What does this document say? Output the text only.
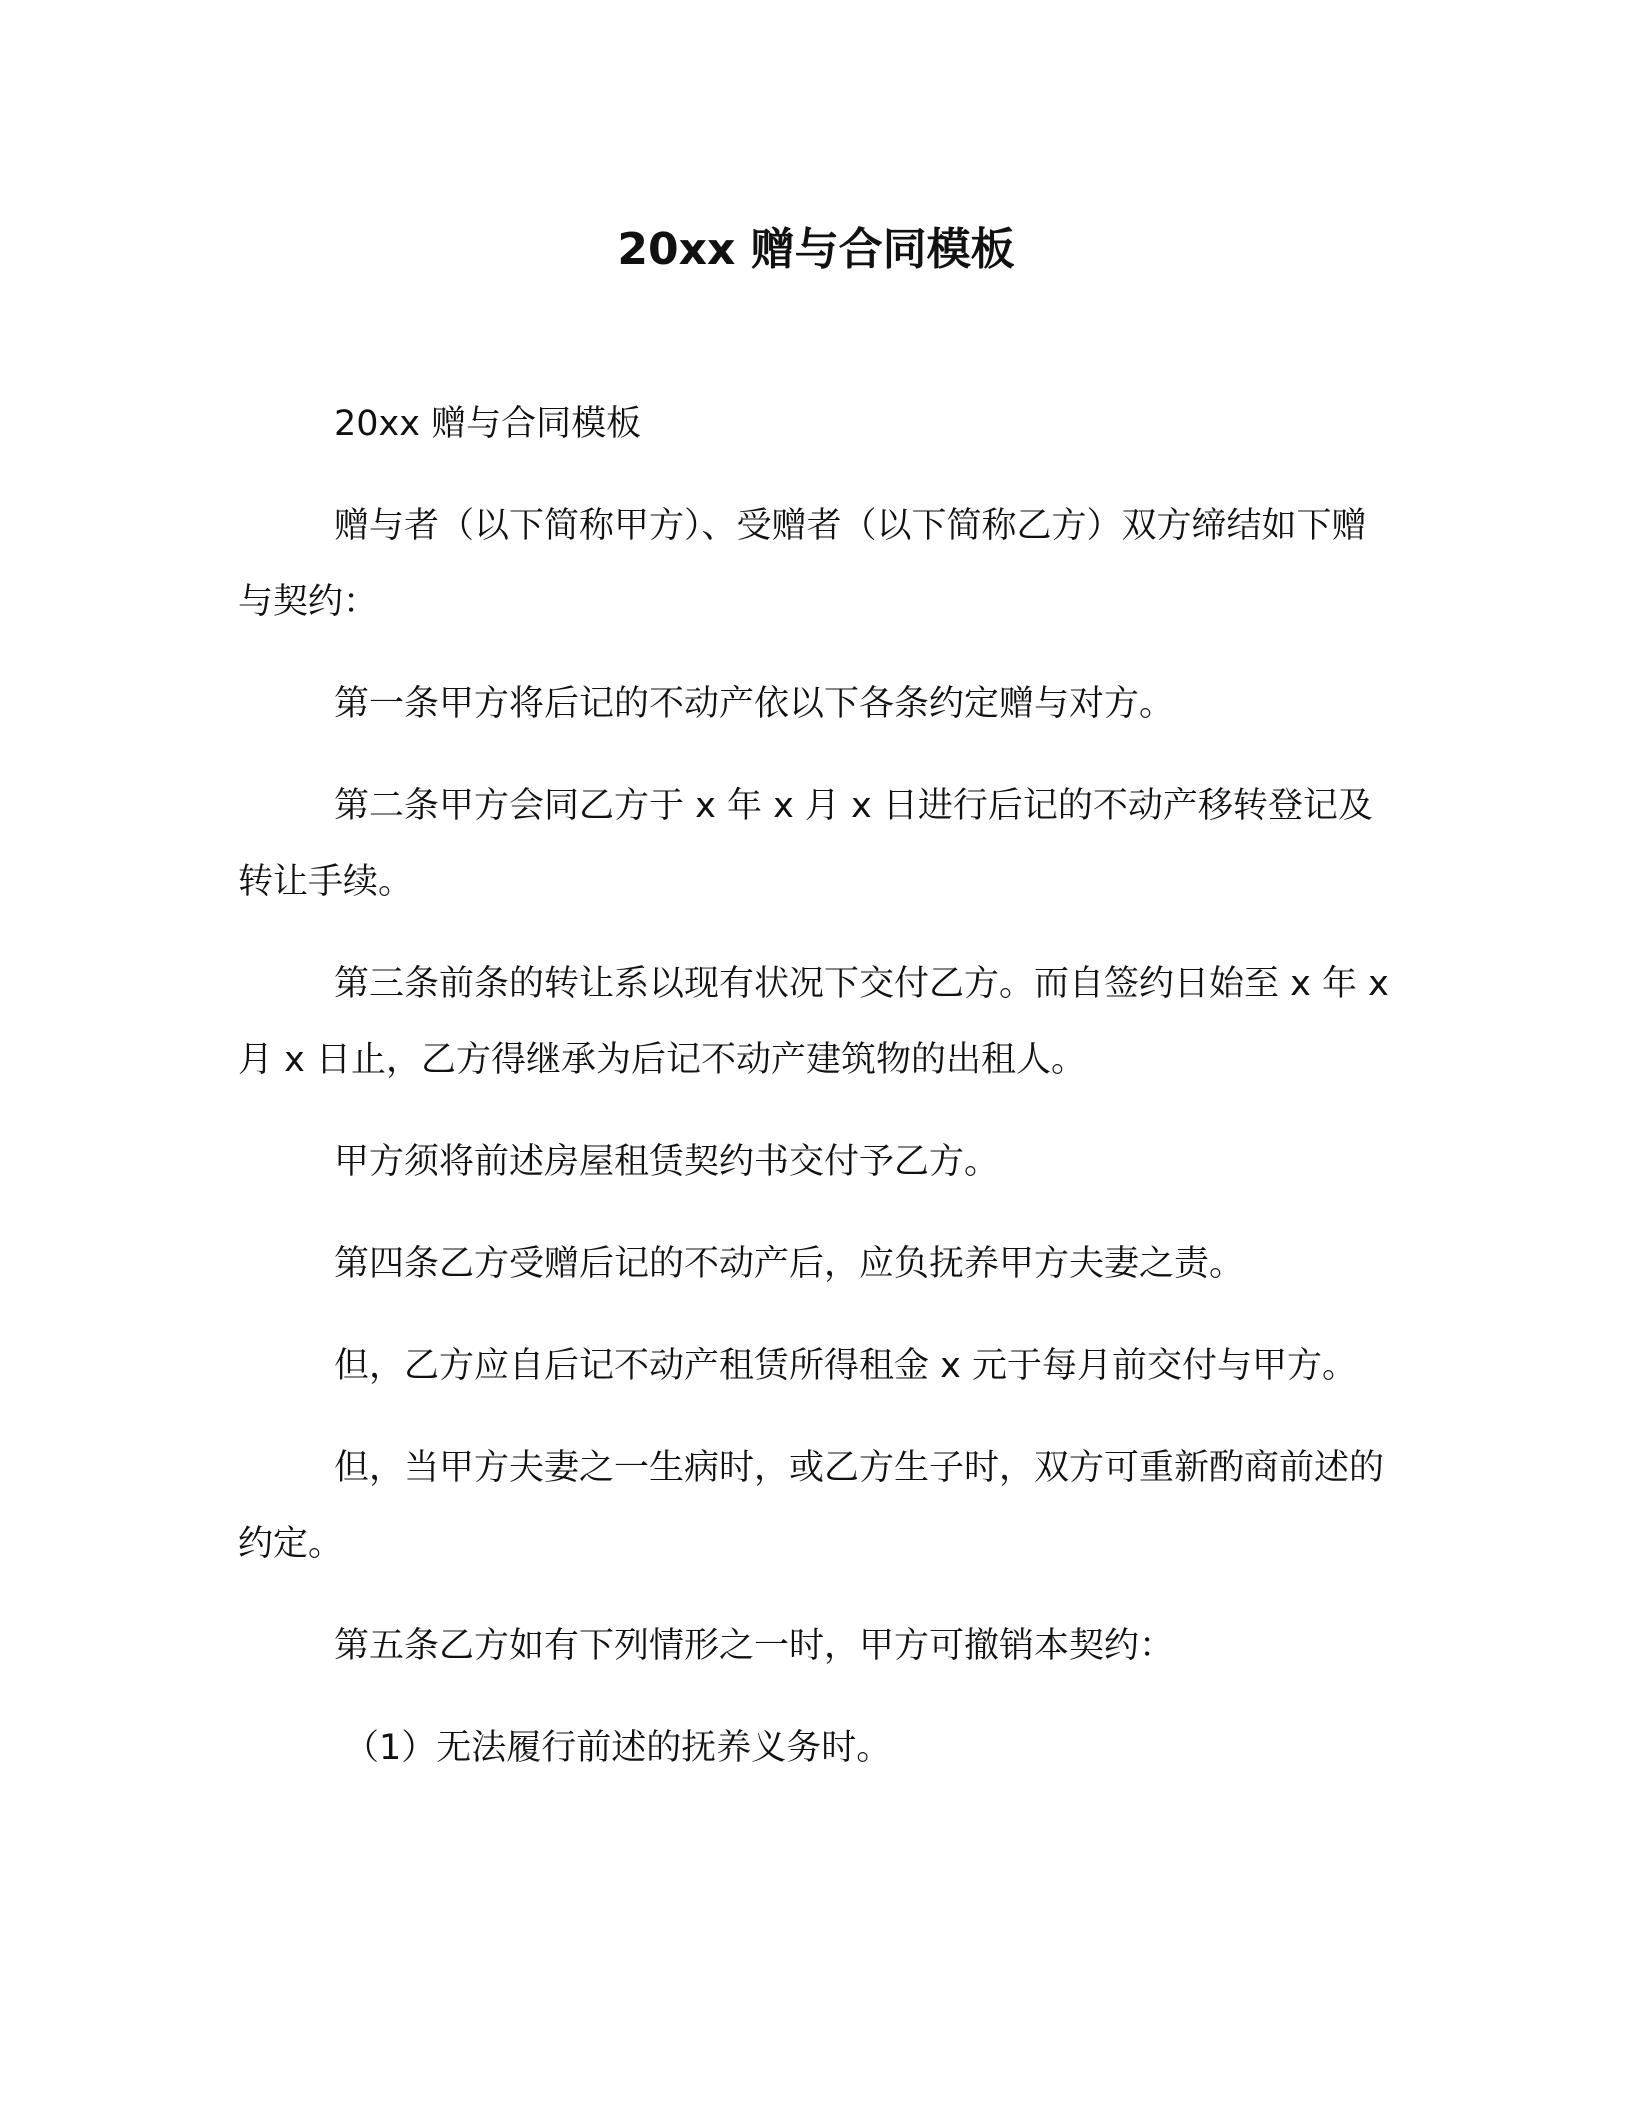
20xx 赠与合同模板

20xx 赠与合同模板

赠与者（以下简称甲方）、受赠者（以下简称乙方）双方缔结如下赠与契约：

第一条甲方将后记的不动产依以下各条约定赠与对方。

第二条甲方会同乙方于 x 年 x 月 x 日进行后记的不动产移转登记及转让手续。

第三条前条的转让系以现有状况下交付乙方。而自签约日始至 x 年 x 月 x 日止，乙方得继承为后记不动产建筑物的出租人。

甲方须将前述房屋租赁契约书交付予乙方。

第四条乙方受赠后记的不动产后，应负抚养甲方夫妻之责。

但，乙方应自后记不动产租赁所得租金 x 元于每月前交付与甲方。

但，当甲方夫妻之一生病时，或乙方生子时，双方可重新酌商前述的约定。

第五条乙方如有下列情形之一时，甲方可撤销本契约：

（1）无法履行前述的抚养义务时。
